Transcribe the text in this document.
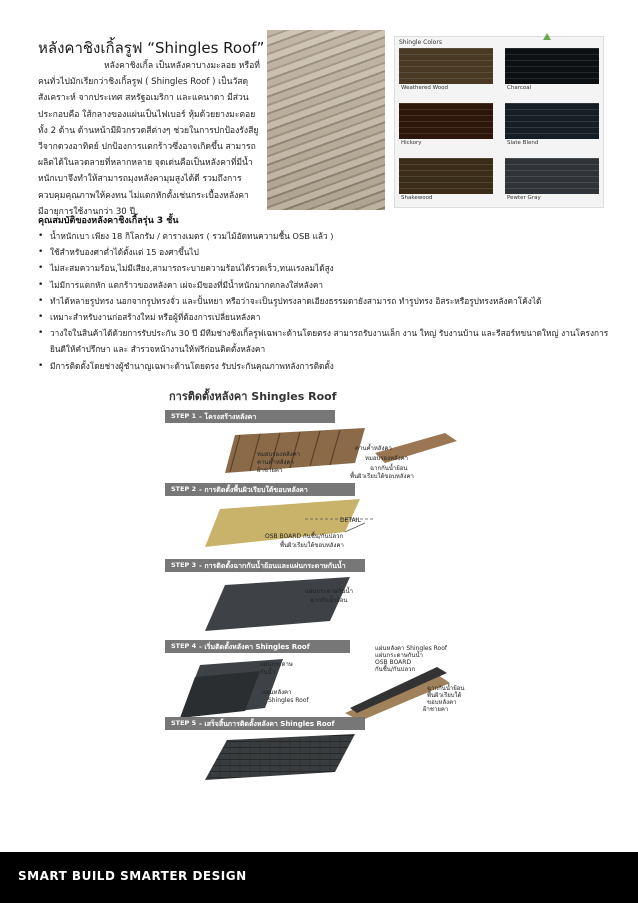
หลังคาชิงเกิ้ลรูฟ “Shingles Roof”

หลังคาชิงเกิ้ล เป็นหลังคาบางมะลอย หรือที่คนทั่วไปมักเรียกว่าชิงเกิ้ลรูฟ ( Shingles Roof ) เป็นวัสดุสังเคราะห์ จากประเทศ สหรัฐอเมริกา และแคนาดา มีส่วนประกอบคือ ใส้กลางของแผ่นเป็นไฟเบอร์ หุ้มด้วยยางมะตอยทั้ง 2 ด้าน ด้านหน้ามีผิวกรวดสีต่างๆ ช่วยในการปกป้องรังสียูวีจากดวงอาทิตย์ ปกป้องการแตกร้าวซึ่งอาจเกิดขึ้น สามารถผลิตได้ในลวดลายที่หลากหลาย จุดเด่นคือเป็นหลังคาที่มีน้ำหนักเบาจึงทำให้สามารถมุงหลังคามุมสูงได้ดี รวมถึงการควบคุมคุณภาพให้คงทน ไม่แตกหักตั้งเช่นกระเบื้องหลังคา มีอายุการใช้งานกว่า 30 ปี

Shingle Colors
Weathered Wood	Charcoal
Hickory	Slate Blend
Shakewood	Pewter Gray
คุณสมบัติของหลังคาชิงเกิ้ลรุ่น 3 ชั้น
• น้ำหนักเบา เพียง 18 กิโลกรัม / ตารางเมตร ( รวมไม้อัดทนความชื้น OSB แล้ว )
• ใช้สำหรับองศาต่ำได้ตั้งแต่ 15 องศาขึ้นไป
• ไม่สะสมความร้อน,ไม่มีเสียง,สามารถระบายความร้อนได้รวดเร็ว,ทนแรงลมได้สูง
• ไม่มีการแตกหัก แตกร้าวของหลังคา เผ่จะมีของที่มีน้ำหนักมากตกลงใส่หลังคา
• ทำได้หลายรูปทรง นอกจากรูปทรงจั่ว และปั้นหยา หรือว่าจะเป็นรูปทรงลาดเอียงธรรมดายังสามารถ ทำรูปทรง อิสระหรือรูปทรงหลังคาโค้งได้
• เหมาะสำหรับงานก่อสร้างใหม่ หรือผู้ที่ต้องการเปลี่ยนหลังคา
• วางใจในสินค้าได้ด้วยการรับประกัน 30 ปี มีทีมช่างชิงเกิ้ลรูฟเฉพาะด้านโดยตรง สามารถรับงานเล็ก งาน ใหญ่ รับงานบ้าน และรีสอร์ทขนาดใหญ่ งานโครงการ ยินดีให้คำปรึกษา และ สำรวจหน้างานให้ฟรีก่อนติดตั้งหลังคา
• มีการติดตั้งโดยช่างผู้ชำนาญเฉพาะด้านโดยตรง รับประกันคุณภาพหลังการติดตั้ง
การติดตั้งหลังคา Shingles Roof
STEP 1 - โครงสร้างหลังคา
หมอบรองหลังคา
คานค้ำหลังคา
ฝ้าชายคา
คานค้ำหลังคา
หมอบรองหลังคา
ฉากกันน้ำย้อน
พื้นผิวเรียบใต้ขอบหลังคา
STEP 2 - การติดตั้งพื้นผิวเรียบใต้ขอบหลังคา
DETAIL
OSB BOARD กันชื้น/กันปลวก
พื้นผิวเรียบใต้ขอบหลังคา
STEP 3 - การติดตั้งฉากกันน้ำย้อนและแผ่นกระดาษกันน้ำ
แผ่นกระดาษกันน้ำ
ฉากกันน้ำย้อน
STEP 4 - เริ่มติดตั้งหลังคา Shingles Roof
แผ่นกระดาษ
กันน้ำ
แผ่นหลังคา
Shingles Roof
แผ่นหลังคา Shingles Roof
แผ่นกระดาษกันน้ำ
OSB BOARD
กันชื้น/กันปลวก
ฉากกันน้ำย้อน
พื้นผิวเรียบใต้
ขอบหลังคา
ฝ้าชายคา
STEP 5 - เสร็จสิ้นการติดตั้งหลังคา Shingles Roof
SMART BUILD SMARTER DESIGN
